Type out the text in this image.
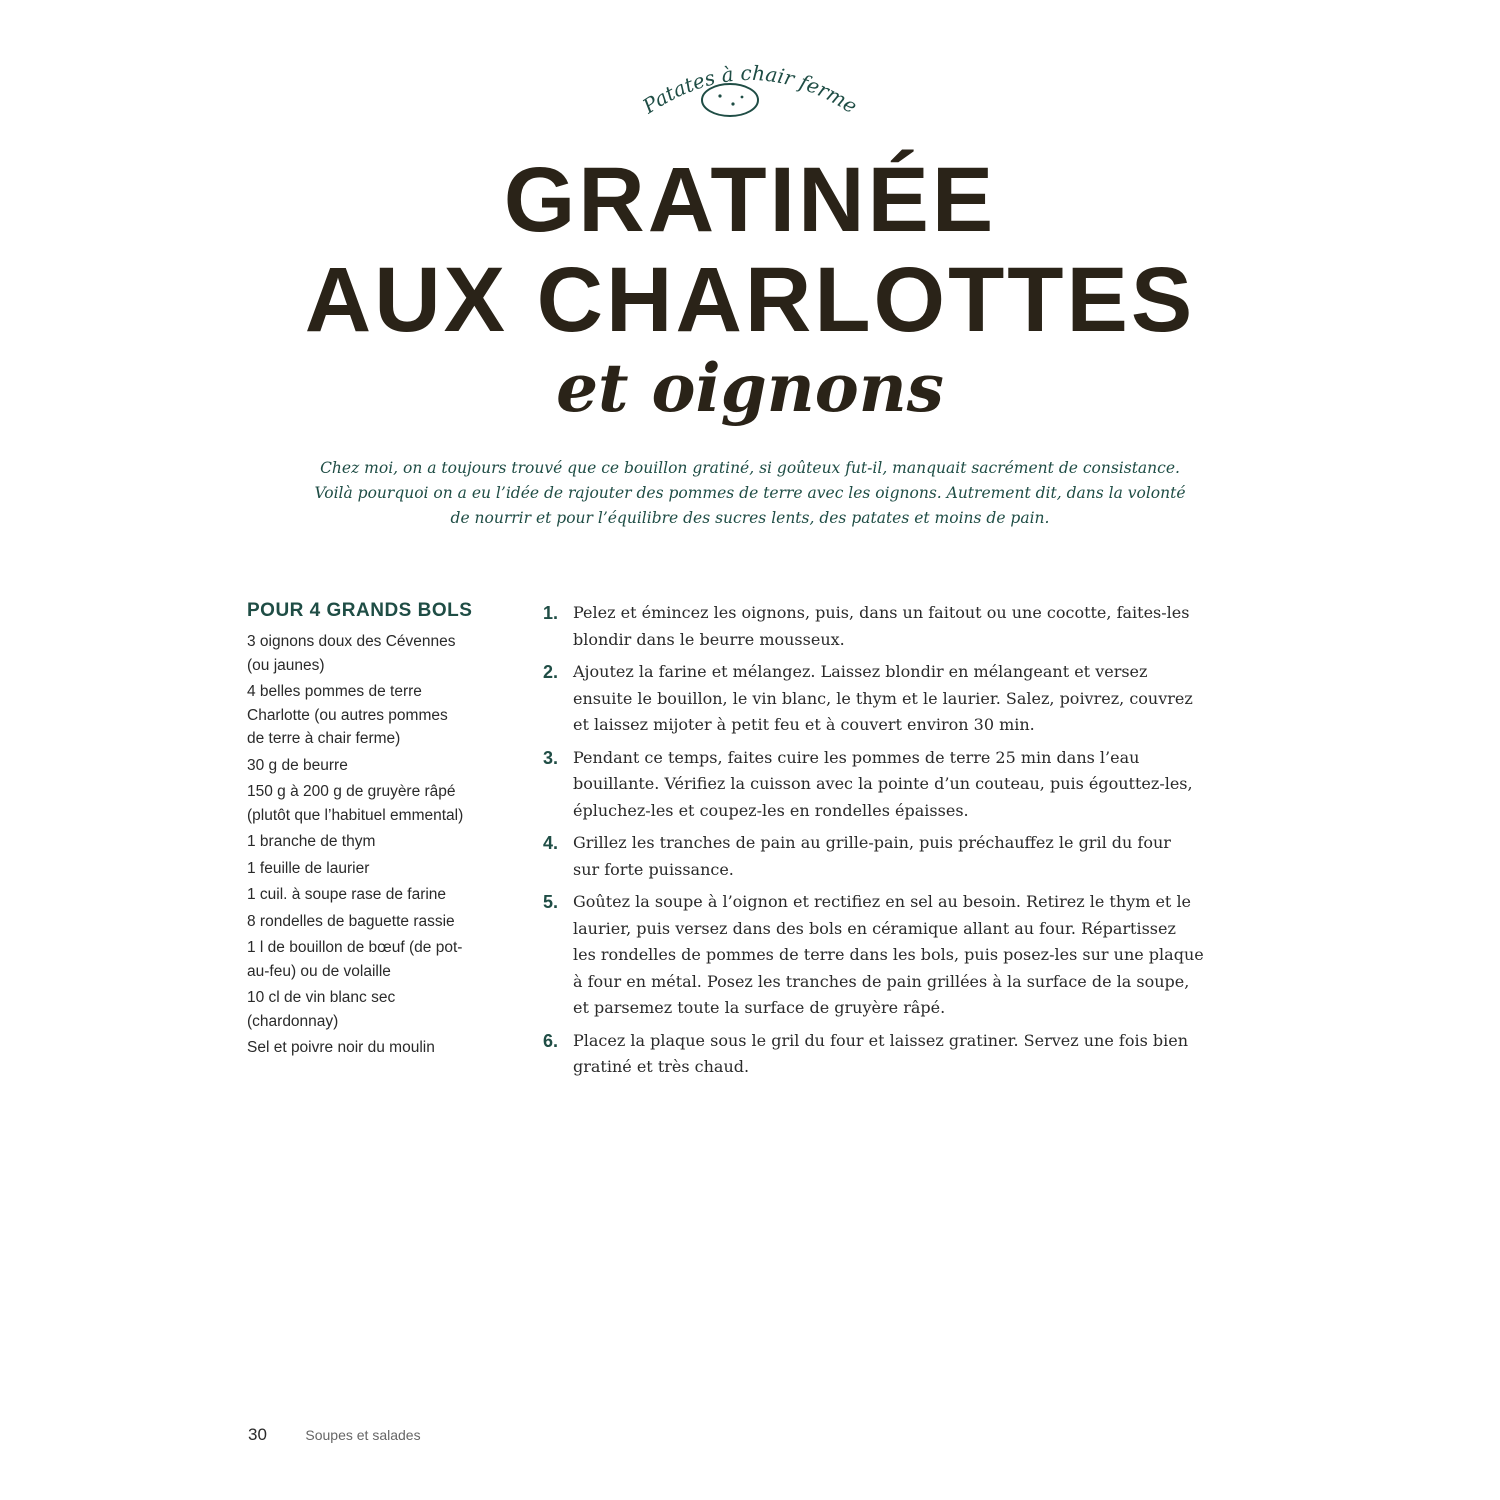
Patates à chair ferme
GRATINÉE
AUX CHARLOTTES
et oignons

Chez moi, on a toujours trouvé que ce bouillon gratiné, si goûteux fut-il, manquait sacrément de consistance.

Voilà pourquoi on a eu l’idée de rajouter des pommes de terre avec les oignons. Autrement dit, dans la volonté

de nourrir et pour l’équilibre des sucres lents, des patates et moins de pain.

POUR 4 GRANDS BOLS
3 oignons doux des Cévennes
(ou jaunes)
4 belles pommes de terre
Charlotte (ou autres pommes
de terre à chair ferme)
30 g de beurre
150 g à 200 g de gruyère râpé
(plutôt que l’habituel emmental)
1 branche de thym
1 feuille de laurier
1 cuil. à soupe rase de farine
8 rondelles de baguette rassie
1 l de bouillon de bœuf (de pot-
au-feu) ou de volaille
10 cl de vin blanc sec
(chardonnay)
Sel et poivre noir du moulin
1. Pelez et émincez les oignons, puis, dans un faitout ou une cocotte, faites-les
blondir dans le beurre mousseux.
2. Ajoutez la farine et mélangez. Laissez blondir en mélangeant et versez
ensuite le bouillon, le vin blanc, le thym et le laurier. Salez, poivrez, couvrez
et laissez mijoter à petit feu et à couvert environ 30 min.
3. Pendant ce temps, faites cuire les pommes de terre 25 min dans l’eau
bouillante. Vérifiez la cuisson avec la pointe d’un couteau, puis égouttez-les,
épluchez-les et coupez-les en rondelles épaisses.
4. Grillez les tranches de pain au grille-pain, puis préchauffez le gril du four
sur forte puissance.
5. Goûtez la soupe à l’oignon et rectifiez en sel au besoin. Retirez le thym et le
laurier, puis versez dans des bols en céramique allant au four. Répartissez
les rondelles de pommes de terre dans les bols, puis posez-les sur une plaque
à four en métal. Posez les tranches de pain grillées à la surface de la soupe,
et parsemez toute la surface de gruyère râpé.
6. Placez la plaque sous le gril du four et laissez gratiner. Servez une fois bien
gratiné et très chaud.
30	Soupes et salades
